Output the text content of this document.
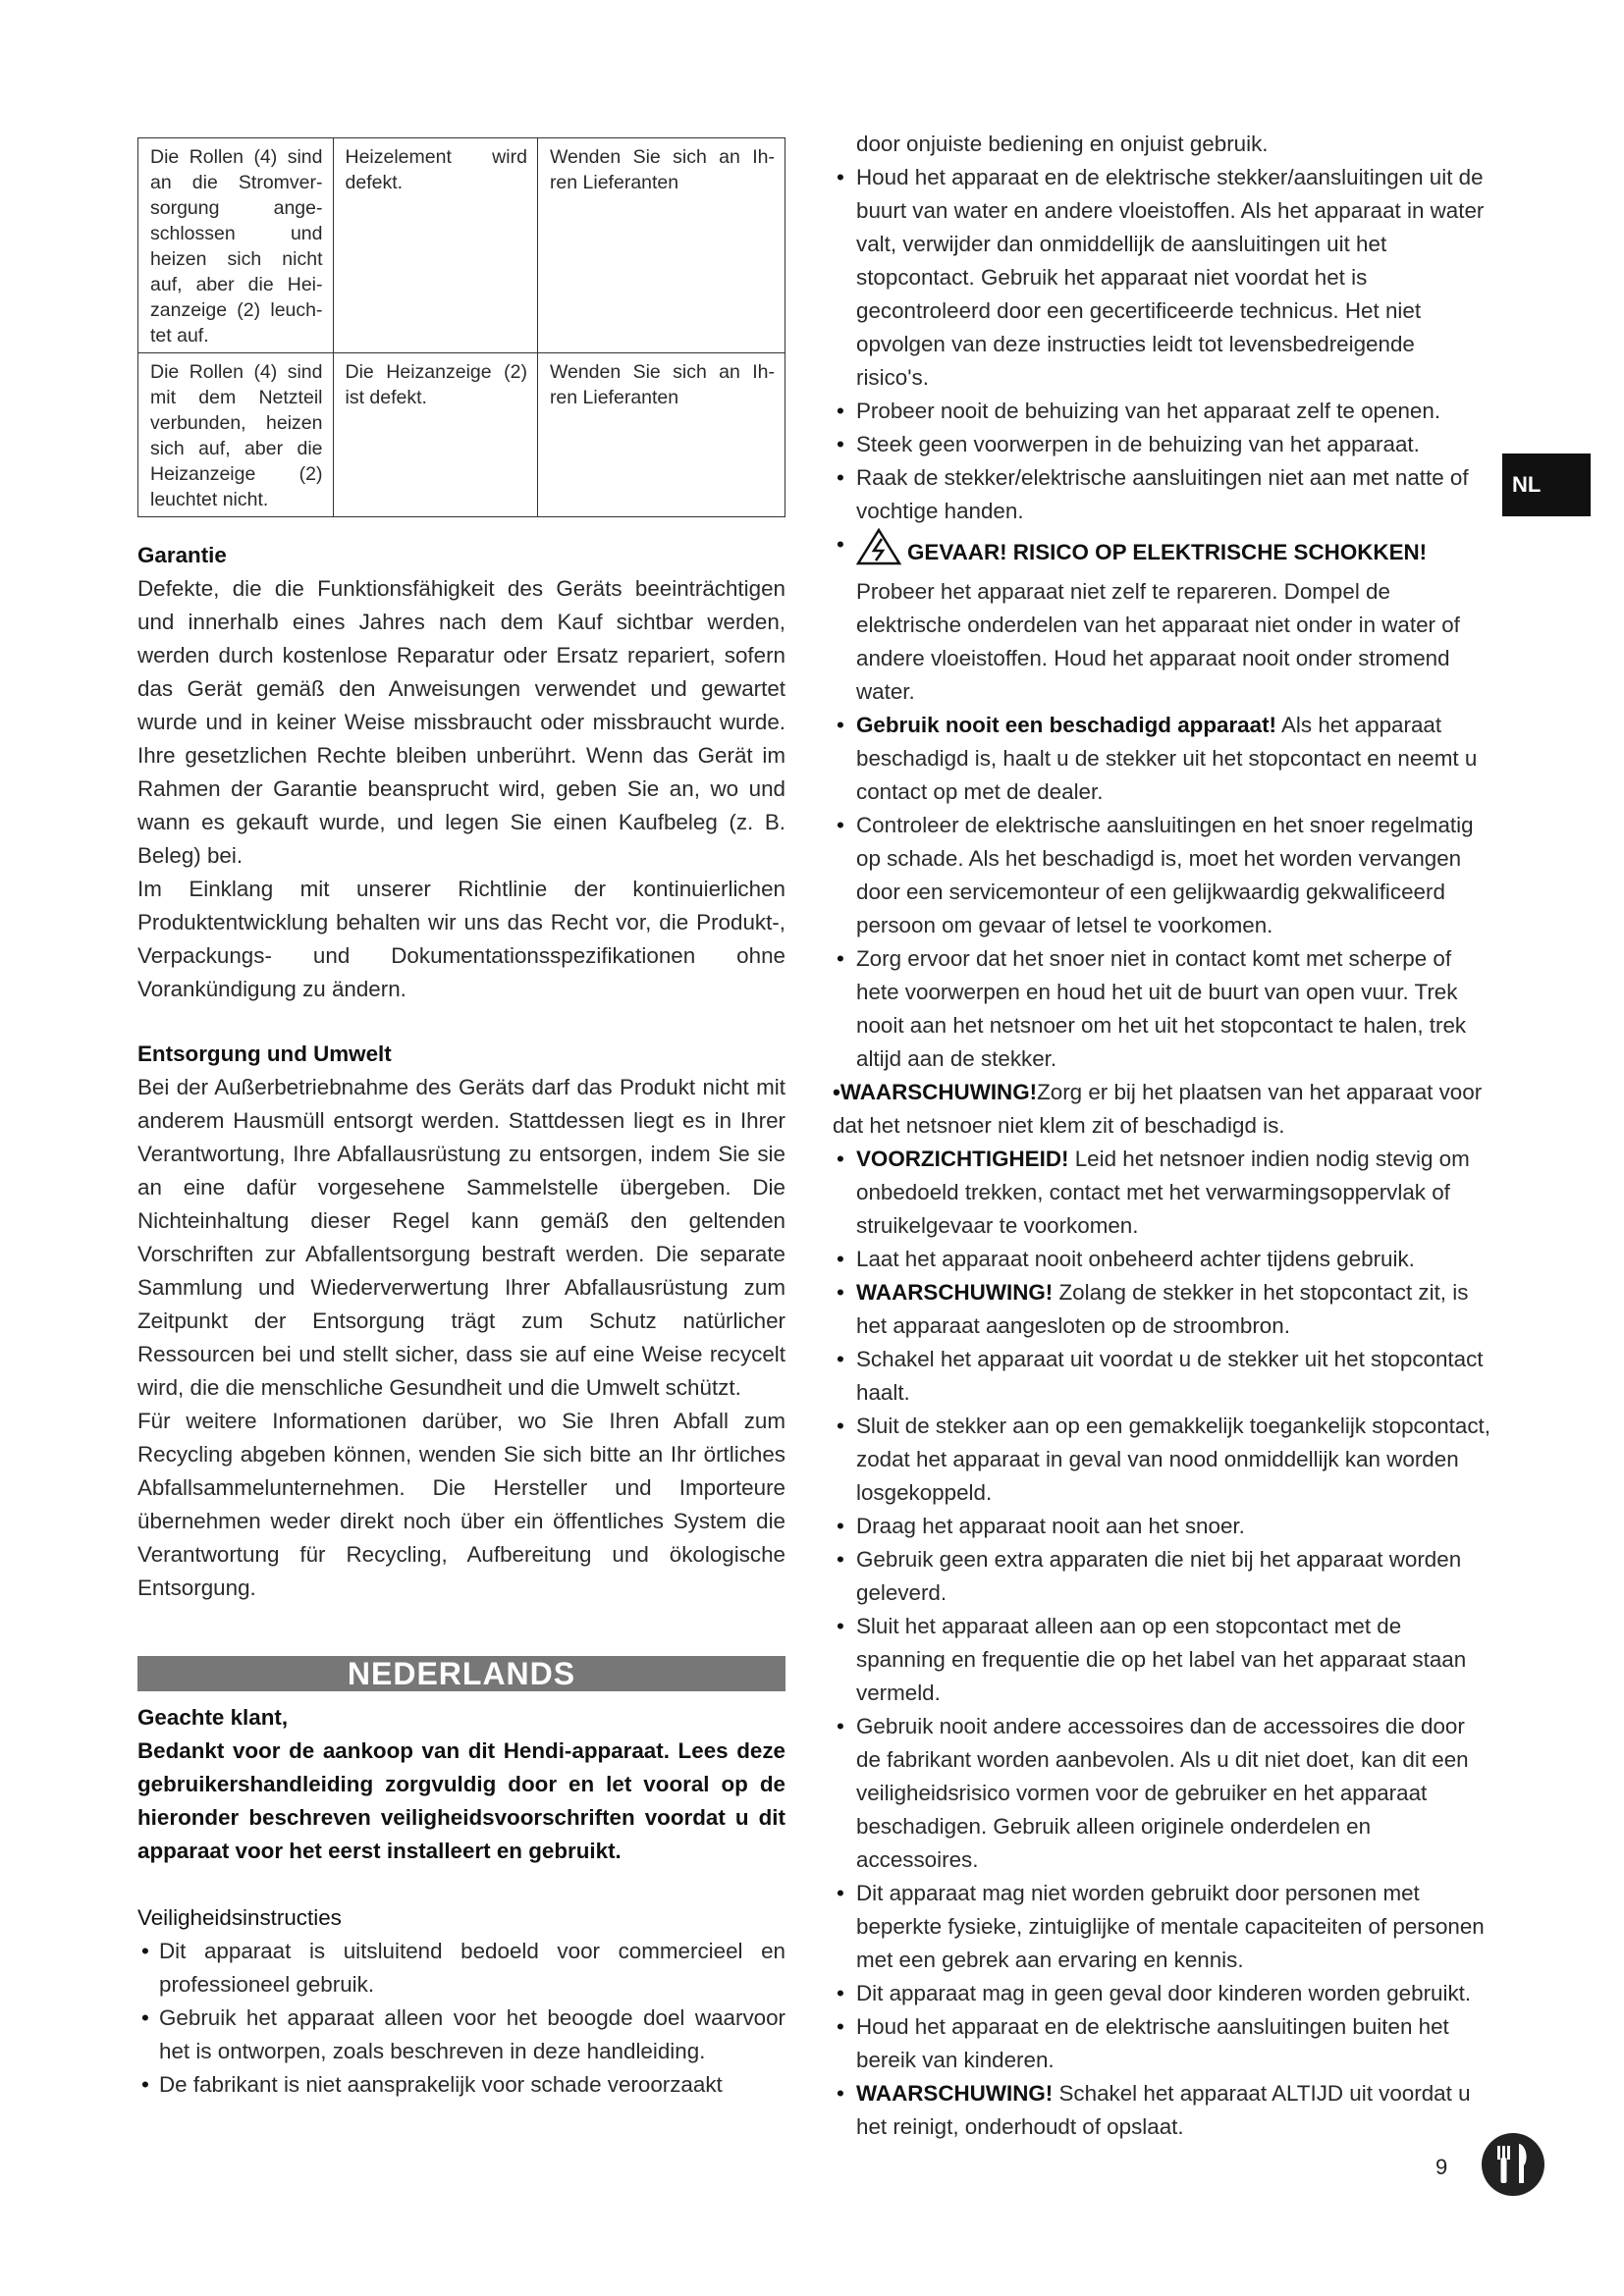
Die Rollen (4) sind an die Stromver-sorgung ange-schlossen und heizen sich nicht auf, aber die Hei-zanzeige (2) leuch-tet auf.	Heizelement wird defekt.	Wenden Sie sich an Ih-ren Lieferanten
Die Rollen (4) sind mit dem Netzteil verbunden, heizen sich auf, aber die Heizanzeige (2) leuchtet nicht.	Die Heizanzeige (2) ist defekt.	Wenden Sie sich an Ih-ren Lieferanten
Garantie

Defekte, die die Funktionsfähigkeit des Geräts beeinträchtigen und innerhalb eines Jahres nach dem Kauf sichtbar werden, werden durch kostenlose Reparatur oder Ersatz repariert, sofern das Gerät gemäß den Anweisungen verwendet und gewartet wurde und in keiner Weise missbraucht oder missbraucht wurde. Ihre gesetzlichen Rechte bleiben unberührt. Wenn das Gerät im Rahmen der Garantie beansprucht wird, geben Sie an, wo und wann es gekauft wurde, und legen Sie einen Kaufbeleg (z. B. Beleg) bei.

Im Einklang mit unserer Richtlinie der kontinuierlichen Produktentwicklung behalten wir uns das Recht vor, die Produkt-, Verpackungs- und Dokumentationsspezifikationen ohne Vorankündigung zu ändern.

Entsorgung und Umwelt

Bei der Außerbetriebnahme des Geräts darf das Produkt nicht mit anderem Hausmüll entsorgt werden. Stattdessen liegt es in Ihrer Verantwortung, Ihre Abfallausrüstung zu entsorgen, indem Sie sie an eine dafür vorgesehene Sammelstelle übergeben. Die Nichteinhaltung dieser Regel kann gemäß den geltenden Vorschriften zur Abfallentsorgung bestraft werden. Die separate Sammlung und Wiederverwertung Ihrer Abfallausrüstung zum Zeitpunkt der Entsorgung trägt zum Schutz natürlicher Ressourcen bei und stellt sicher, dass sie auf eine Weise recycelt wird, die die menschliche Gesundheit und die Umwelt schützt.

Für weitere Informationen darüber, wo Sie Ihren Abfall zum Recycling abgeben können, wenden Sie sich bitte an Ihr örtliches Abfallsammelunternehmen. Die Hersteller und Importeure übernehmen weder direkt noch über ein öffentliches System die Verantwortung für Recycling, Aufbereitung und ökologische Entsorgung.

NEDERLANDS
Geachte klant,
Bedankt voor de aankoop van dit Hendi-apparaat. Lees deze gebruikershandleiding zorgvuldig door en let vooral op de hieronder beschreven veiligheidsvoorschriften voordat u dit apparaat voor het eerst installeert en gebruikt.
Veiligheidsinstructies
• Dit apparaat is uitsluitend bedoeld voor commercieel en professioneel gebruik.
• Gebruik het apparaat alleen voor het beoogde doel waarvoor het is ontworpen, zoals beschreven in deze handleiding.
• De fabrikant is niet aansprakelijk voor schade veroorzaakt

door onjuiste bediening en onjuist gebruik.

• Houd het apparaat en de elektrische stekker/aansluitingen uit de buurt van water en andere vloeistoffen. Als het apparaat in water valt, verwijder dan onmiddellijk de aansluitingen uit het stopcontact. Gebruik het apparaat niet voordat het is gecontroleerd door een gecertificeerde technicus. Het niet opvolgen van deze instructies leidt tot levensbedreigende risico's.
• Probeer nooit de behuizing van het apparaat zelf te openen.
• Steek geen voorwerpen in de behuizing van het apparaat.
• Raak de stekker/elektrische aansluitingen niet aan met natte of vochtige handen.
• GEVAAR! RISICO OP ELEKTRISCHE SCHOKKEN! Probeer het apparaat niet zelf te repareren. Dompel de elektrische onderdelen van het apparaat niet onder in water of andere vloeistoffen. Houd het apparaat nooit onder stromend water.
• Gebruik nooit een beschadigd apparaat! Als het apparaat beschadigd is, haalt u de stekker uit het stopcontact en neemt u contact op met de dealer.
• Controleer de elektrische aansluitingen en het snoer regelmatig op schade. Als het beschadigd is, moet het worden vervangen door een servicemonteur of een gelijkwaardig gekwalificeerd persoon om gevaar of letsel te voorkomen.
• Zorg ervoor dat het snoer niet in contact komt met scherpe of hete voorwerpen en houd het uit de buurt van open vuur. Trek nooit aan het netsnoer om het uit het stopcontact te halen, trek altijd aan de stekker.

•WAARSCHUWING!Zorg er bij het plaatsen van het apparaat voor dat het netsnoer niet klem zit of beschadigd is.

• VOORZICHTIGHEID! Leid het netsnoer indien nodig stevig om onbedoeld trekken, contact met het verwarmingsoppervlak of struikelgevaar te voorkomen.
• Laat het apparaat nooit onbeheerd achter tijdens gebruik.
• WAARSCHUWING! Zolang de stekker in het stopcontact zit, is het apparaat aangesloten op de stroombron.
• Schakel het apparaat uit voordat u de stekker uit het stopcontact haalt.
• Sluit de stekker aan op een gemakkelijk toegankelijk stopcontact, zodat het apparaat in geval van nood onmiddellijk kan worden losgekoppeld.
• Draag het apparaat nooit aan het snoer.
• Gebruik geen extra apparaten die niet bij het apparaat worden geleverd.
• Sluit het apparaat alleen aan op een stopcontact met de spanning en frequentie die op het label van het apparaat staan vermeld.
• Gebruik nooit andere accessoires dan de accessoires die door de fabrikant worden aanbevolen. Als u dit niet doet, kan dit een veiligheidsrisico vormen voor de gebruiker en het apparaat beschadigen. Gebruik alleen originele onderdelen en accessoires.
• Dit apparaat mag niet worden gebruikt door personen met beperkte fysieke, zintuiglijke of mentale capaciteiten of personen met een gebrek aan ervaring en kennis.
• Dit apparaat mag in geen geval door kinderen worden gebruikt.
• Houd het apparaat en de elektrische aansluitingen buiten het bereik van kinderen.
• WAARSCHUWING! Schakel het apparaat ALTIJD uit voordat u het reinigt, onderhoudt of opslaat.
NL
9
